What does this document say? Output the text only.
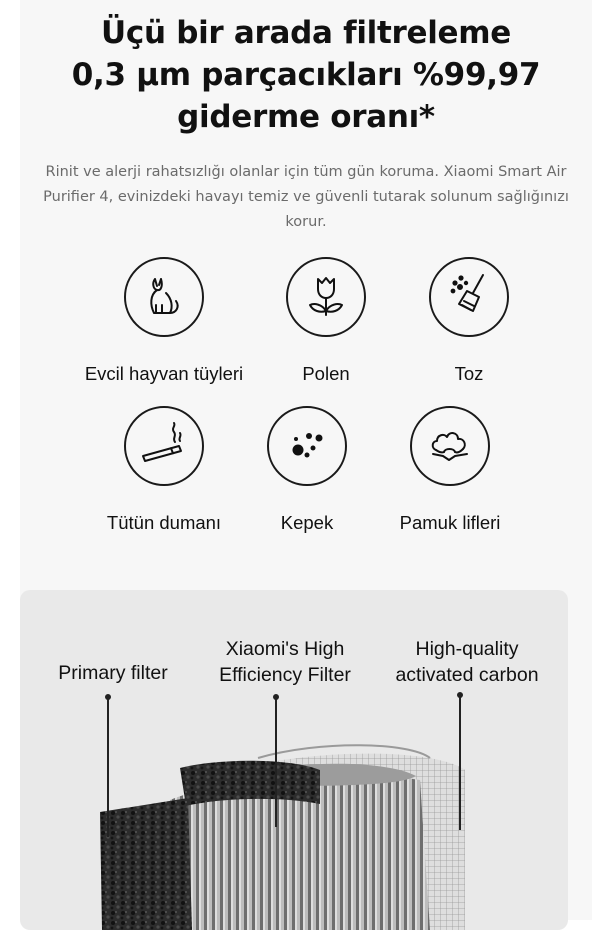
Üçü bir arada filtreleme
0,3 μm parçacıkları %99,97
giderme oranı*
Rinit ve alerji rahatsızlığı olanlar için tüm gün koruma. Xiaomi Smart Air Purifier 4, evinizdeki havayı temiz ve güvenli tutarak solunum sağlığınızı korur.
Evcil hayvan tüyleri	Polen	Toz
Tütün dumanı	Kepek	Pamuk lifleri
Primary filter
Xiaomi's High
Efficiency Filter
High-quality
activated carbon
